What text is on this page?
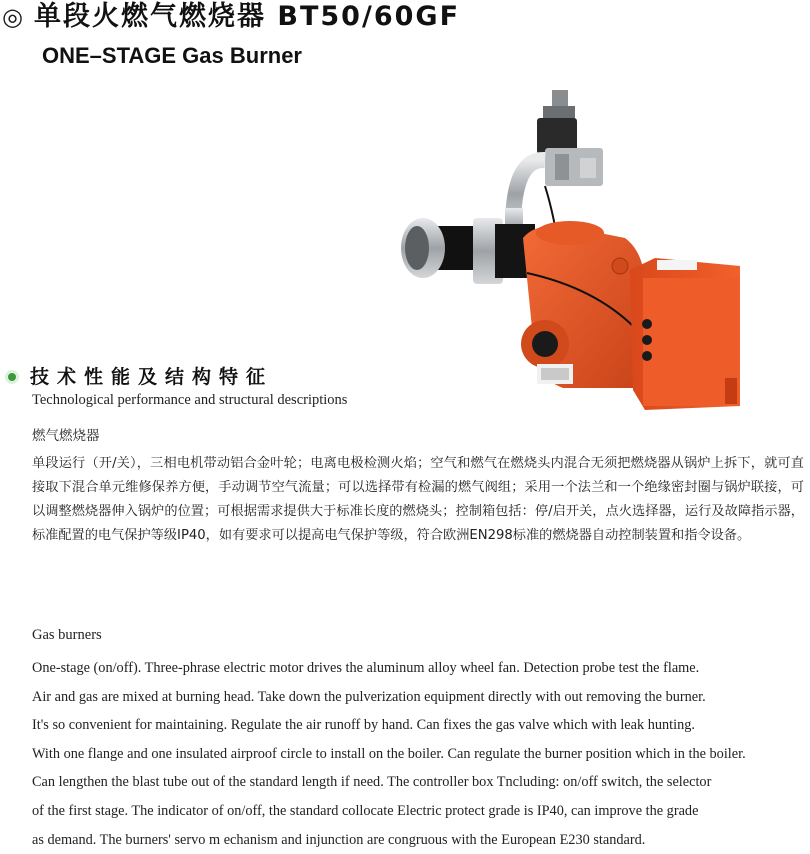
◎ 单段火燃气燃烧器 BT50/60GF
ONE–STAGE Gas Burner
技术性能及结构特征
Technological performance and structural descriptions
燃气燃烧器
单段运行（开/关），三相电机带动铝合金叶轮；电离电极检测火焰；空气和燃气在燃烧头内混合无须把燃烧器从锅炉上拆下，就可直接取下混合单元维修保养方便，手动调节空气流量；可以选择带有检漏的燃气阀组；采用一个法兰和一个绝缘密封圈与锅炉联接，可以调整燃烧器伸入锅炉的位置；可根据需求提供大于标准长度的燃烧头；控制箱包括：停/启开关，点火选择器，运行及故障指示器，标准配置的电气保护等级IP40，如有要求可以提高电气保护等级，符合欧洲EN298标准的燃烧器自动控制装置和指令设备。
Gas burners
One-stage (on/off). Three-phrase electric motor drives the aluminum alloy wheel fan. Detection probe test the flame.
Air and gas are mixed at burning head. Take down the pulverization equipment directly with out removing the burner.
It's so convenient for maintaining. Regulate the air runoff by hand. Can fixes the gas valve which with leak hunting.
With one flange and one insulated airproof circle to install on the boiler. Can regulate the burner position which in the boiler.
Can lengthen the blast tube out of the standard length if need. The controller box Tncluding: on/off switch, the selector
of the first stage. The indicator of on/off, the standard collocate Electric protect grade is IP40, can improve the grade
as demand. The burners' servo m echanism and injunction are congruous with the European E230 standard.
